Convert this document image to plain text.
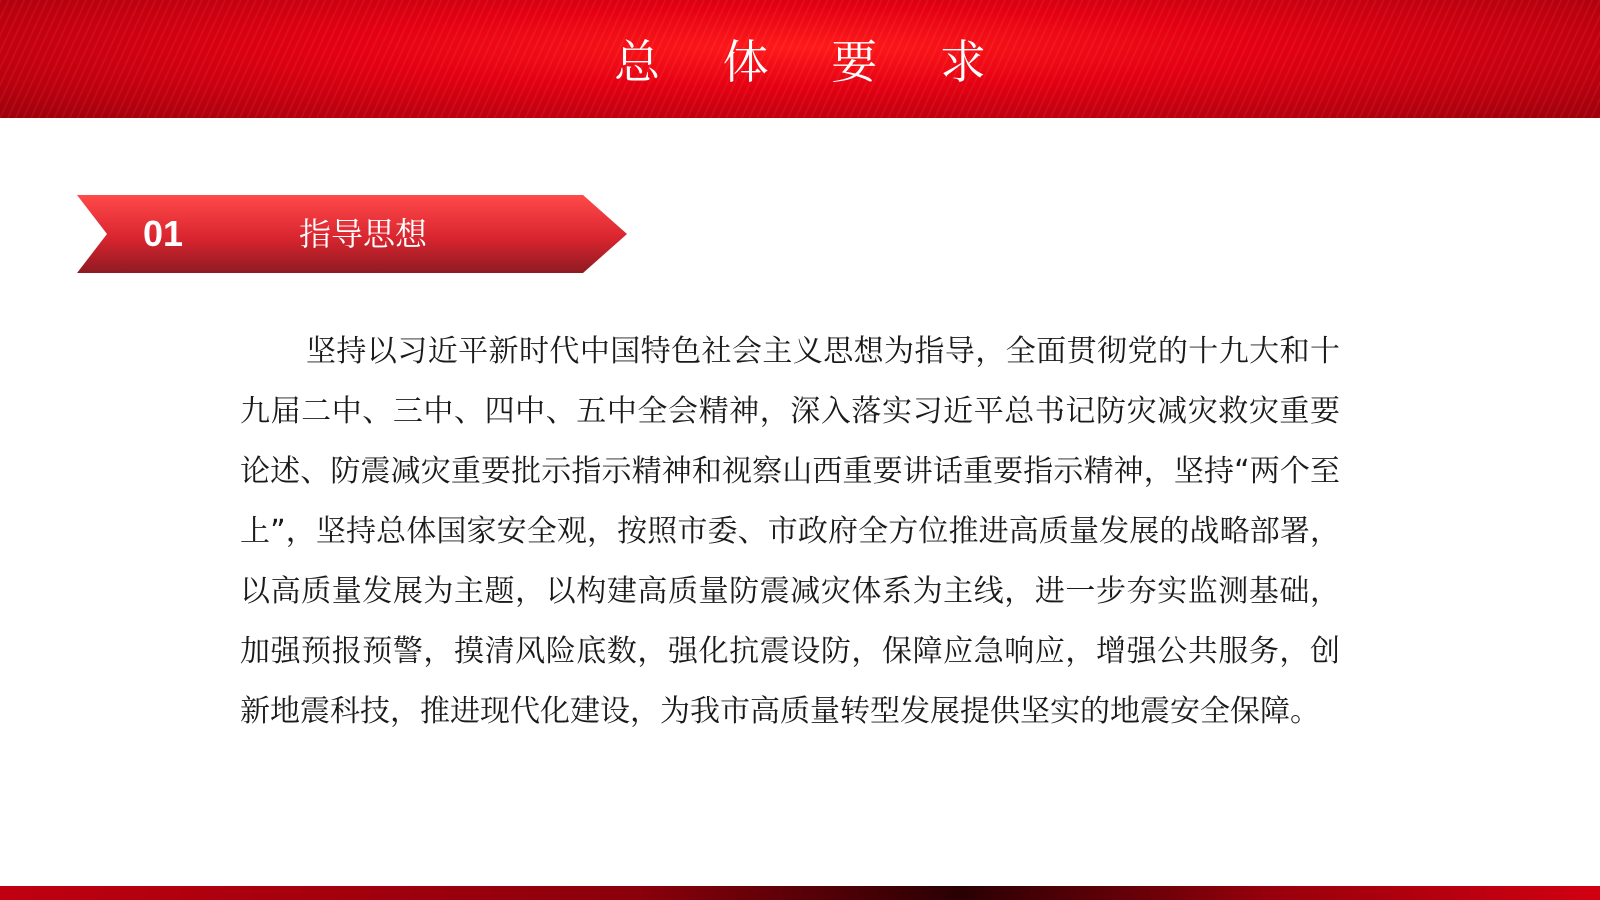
总 体 要 求
01	指导思想
坚持以习近平新时代中国特色社会主义思想为指导，全面贯彻党的十九大和十九届二中、三中、四中、五中全会精神，深入落实习近平总书记防灾减灾救灾重要论述、防震减灾重要批示指示精神和视察山西重要讲话重要指示精神，坚持“两个至上”，坚持总体国家安全观，按照市委、市政府全方位推进高质量发展的战略部署，以高质量发展为主题，以构建高质量防震减灾体系为主线，进一步夯实监测基础，加强预报预警，摸清风险底数，强化抗震设防，保障应急响应，增强公共服务，创新地震科技，推进现代化建设，为我市高质量转型发展提供坚实的地震安全保障。
